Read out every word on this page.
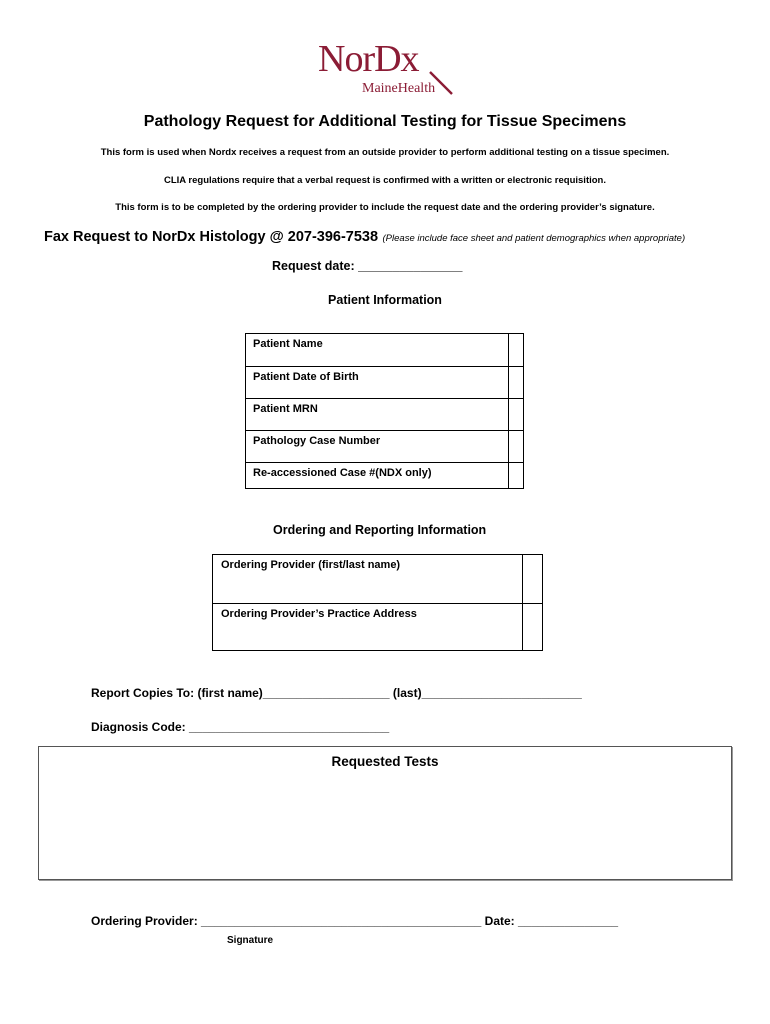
NorDx
MaineHealth
Pathology Request for Additional Testing for Tissue Specimens
This form is used when Nordx receives a request from an outside provider to perform additional testing on a tissue specimen.
CLIA regulations require that a verbal request is confirmed with a written or electronic requisition.
This form is to be completed by the ordering provider to include the request date and the ordering provider’s signature.
Fax Request to NorDx Histology @ 207-396-7538 (Please include face sheet and patient demographics when appropriate)
Request date: _______________
Patient Information
Patient Name	
Patient Date of Birth	
Patient MRN	
Pathology Case Number	
Re-accessioned Case #(NDX only)	
Ordering and Reporting Information
Ordering Provider (first/last name)	
Ordering Provider’s Practice Address	
Report Copies To: (first name)___________________ (last)________________________
Diagnosis Code: ______________________________
Requested Tests
Ordering Provider: __________________________________________ Date: _______________
Signature
